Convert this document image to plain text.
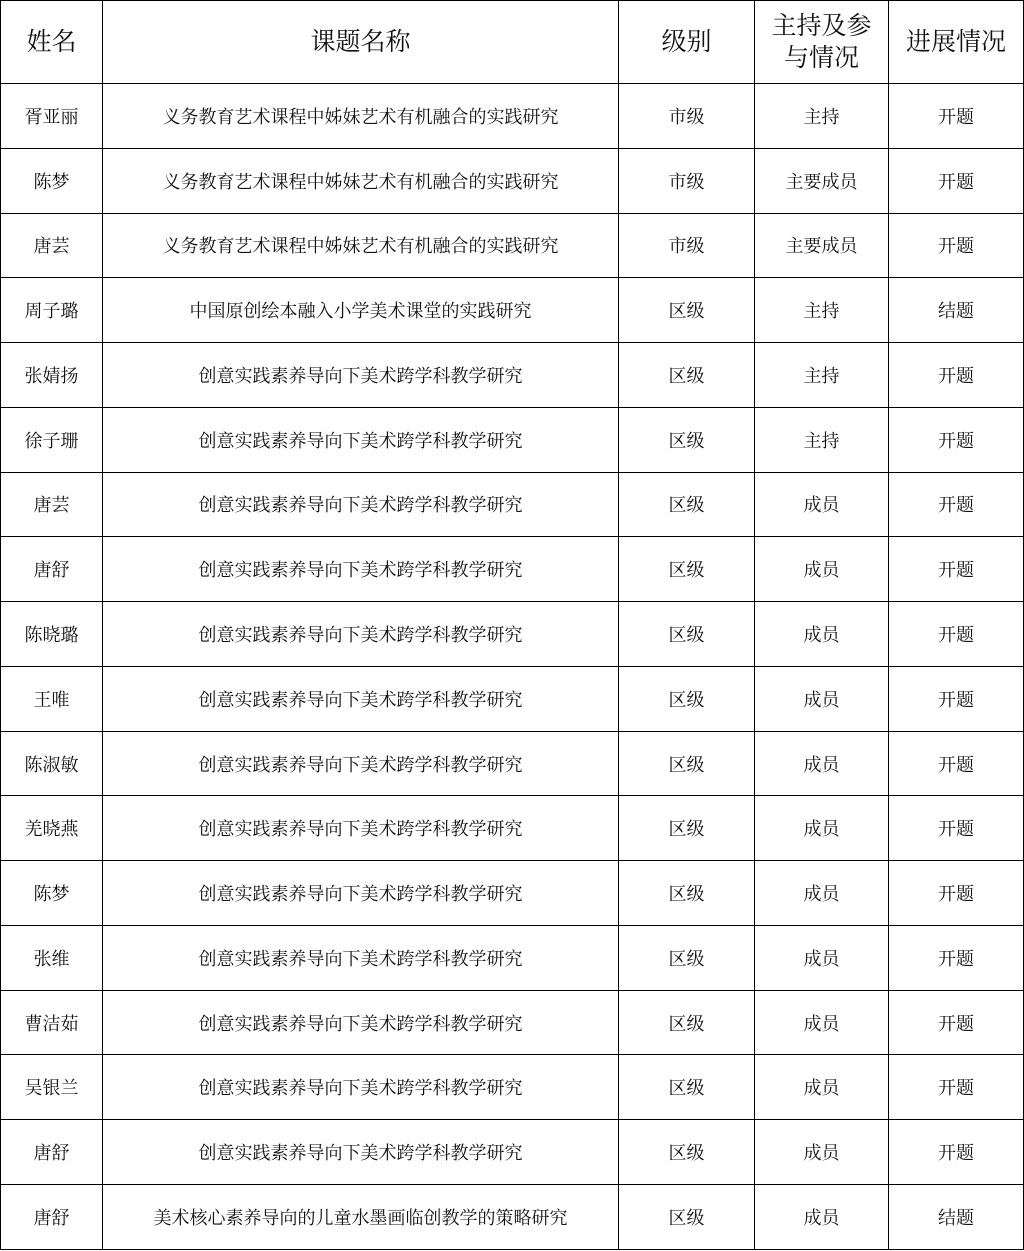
姓名	课题名称	级别	主持及参与情况	进展情况
胥亚丽	义务教育艺术课程中姊妹艺术有机融合的实践研究	市级	主持	开题
陈梦	义务教育艺术课程中姊妹艺术有机融合的实践研究	市级	主要成员	开题
唐芸	义务教育艺术课程中姊妹艺术有机融合的实践研究	市级	主要成员	开题
周子璐	中国原创绘本融入小学美术课堂的实践研究	区级	主持	结题
张婧扬	创意实践素养导向下美术跨学科教学研究	区级	主持	开题
徐子珊	创意实践素养导向下美术跨学科教学研究	区级	主持	开题
唐芸	创意实践素养导向下美术跨学科教学研究	区级	成员	开题
唐舒	创意实践素养导向下美术跨学科教学研究	区级	成员	开题
陈晓璐	创意实践素养导向下美术跨学科教学研究	区级	成员	开题
王唯	创意实践素养导向下美术跨学科教学研究	区级	成员	开题
陈淑敏	创意实践素养导向下美术跨学科教学研究	区级	成员	开题
羌晓燕	创意实践素养导向下美术跨学科教学研究	区级	成员	开题
陈梦	创意实践素养导向下美术跨学科教学研究	区级	成员	开题
张维	创意实践素养导向下美术跨学科教学研究	区级	成员	开题
曹洁茹	创意实践素养导向下美术跨学科教学研究	区级	成员	开题
吴银兰	创意实践素养导向下美术跨学科教学研究	区级	成员	开题
唐舒	创意实践素养导向下美术跨学科教学研究	区级	成员	开题
唐舒	美术核心素养导向的儿童水墨画临创教学的策略研究	区级	成员	结题
